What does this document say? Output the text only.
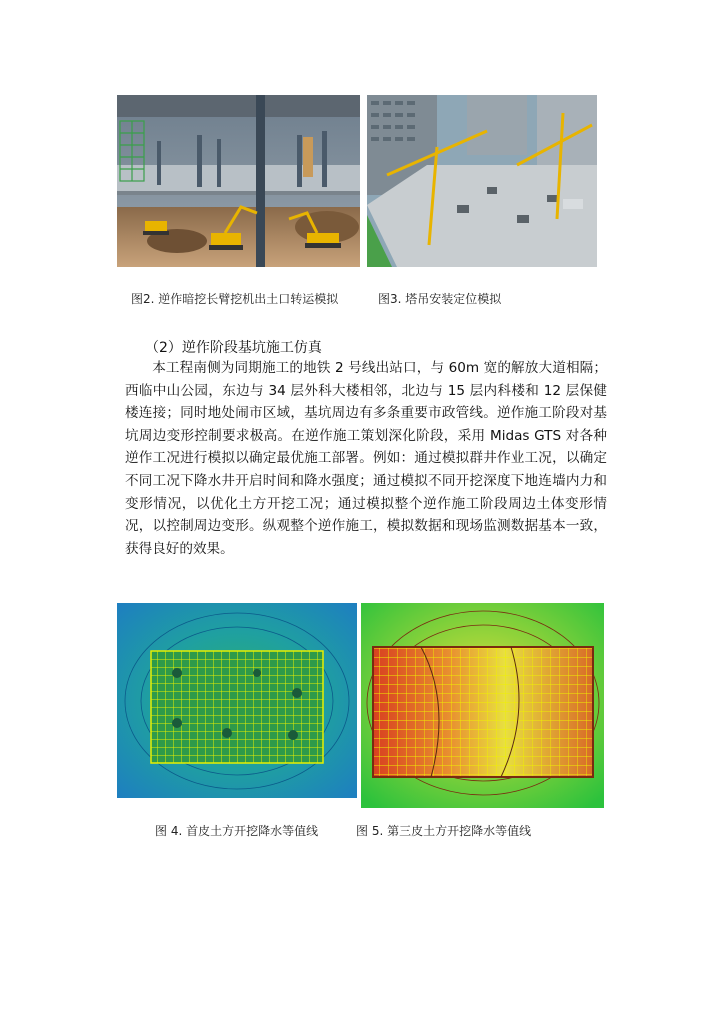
图2. 逆作暗挖长臂挖机出土口转运模拟	图3. 塔吊安装定位模拟
（2）逆作阶段基坑施工仿真

本工程南侧为同期施工的地铁 2 号线出站口，与 60m 宽的解放大道相隔；西临中山公园，东边与 34 层外科大楼相邻，北边与 15 层内科楼和 12 层保健楼连接；同时地处闹市区域，基坑周边有多条重要市政管线。逆作施工阶段对基坑周边变形控制要求极高。在逆作施工策划深化阶段，采用 Midas GTS 对各种逆作工况进行模拟以确定最优施工部署。例如：通过模拟群井作业工况，以确定不同工况下降水井开启时间和降水强度；通过模拟不同开挖深度下地连墙内力和变形情况，以优化土方开挖工况；通过模拟整个逆作施工阶段周边土体变形情况，以控制周边变形。纵观整个逆作施工，模拟数据和现场监测数据基本一致，获得良好的效果。

图 4. 首皮土方开挖降水等值线	图 5. 第三皮土方开挖降水等值线
